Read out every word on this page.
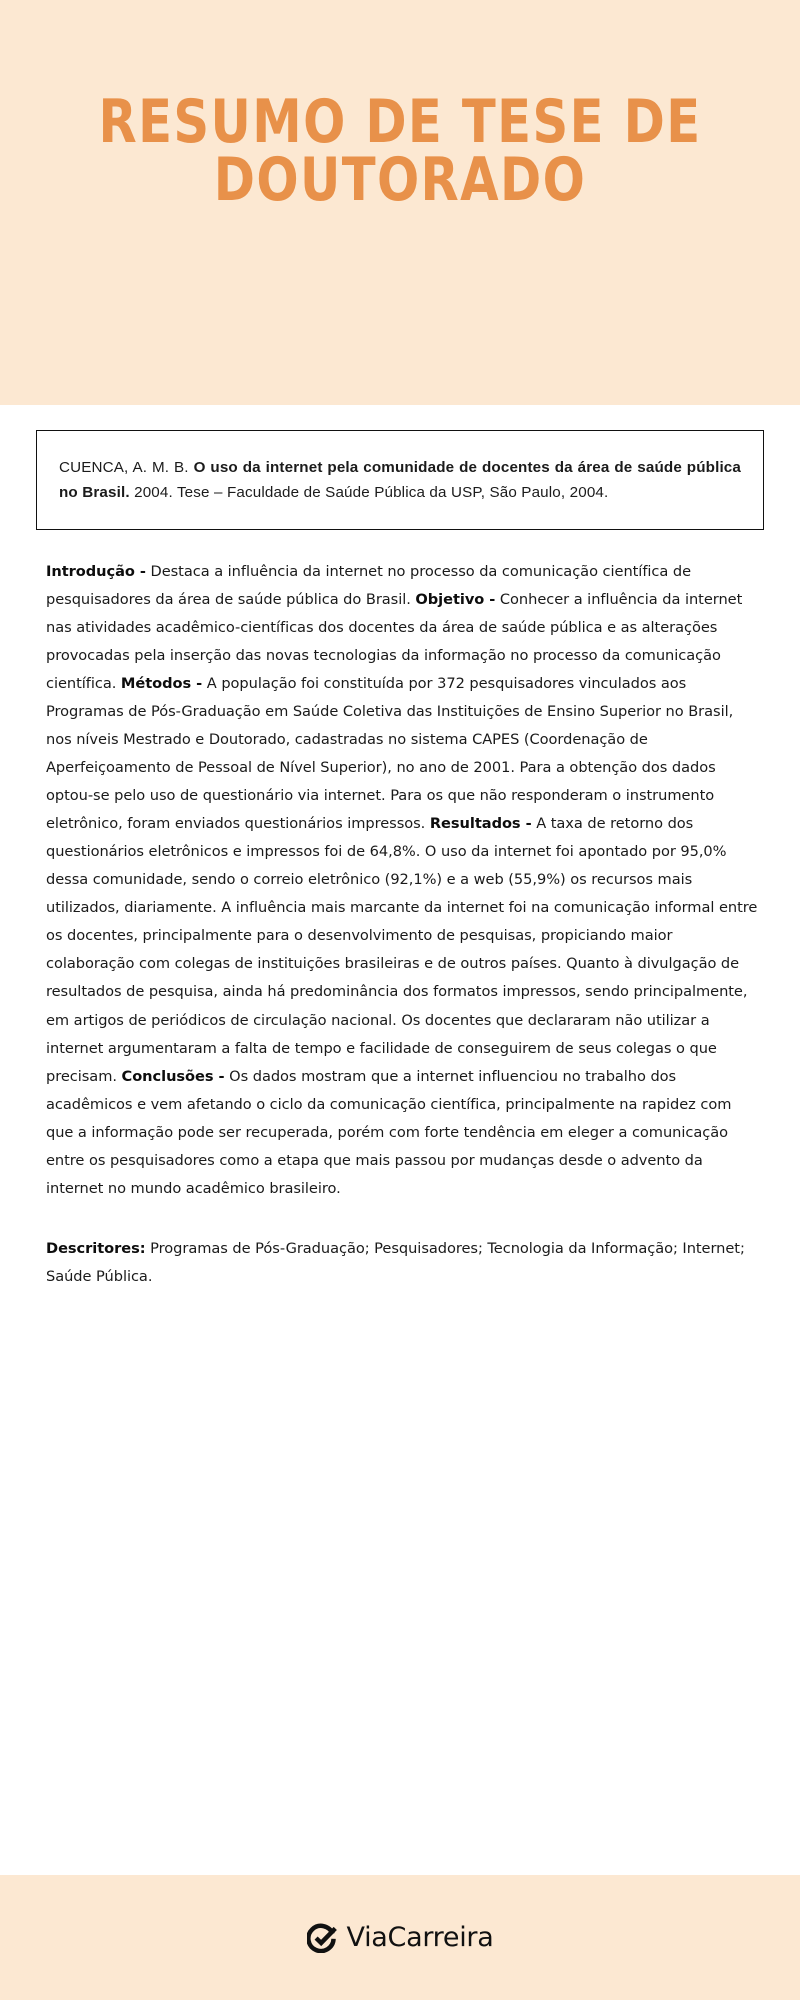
RESUMO DE TESE DE DOUTORADO

CUENCA, A. M. B. O uso da internet pela comunidade de docentes da área de saúde pública no Brasil. 2004. Tese – Faculdade de Saúde Pública da USP, São Paulo, 2004.

Introdução - Destaca a influência da internet no processo da comunicação científica de pesquisadores da área de saúde pública do Brasil. Objetivo - Conhecer a influência da internet nas atividades acadêmico-científicas dos docentes da área de saúde pública e as alterações provocadas pela inserção das novas tecnologias da informação no processo da comunicação científica. Métodos - A população foi constituída por 372 pesquisadores vinculados aos Programas de Pós-Graduação em Saúde Coletiva das Instituições de Ensino Superior no Brasil, nos níveis Mestrado e Doutorado, cadastradas no sistema CAPES (Coordenação de Aperfeiçoamento de Pessoal de Nível Superior), no ano de 2001. Para a obtenção dos dados optou-se pelo uso de questionário via internet. Para os que não responderam o instrumento eletrônico, foram enviados questionários impressos. Resultados - A taxa de retorno dos questionários eletrônicos e impressos foi de 64,8%. O uso da internet foi apontado por 95,0% dessa comunidade, sendo o correio eletrônico (92,1%) e a web (55,9%) os recursos mais utilizados, diariamente. A influência mais marcante da internet foi na comunicação informal entre os docentes, principalmente para o desenvolvimento de pesquisas, propiciando maior colaboração com colegas de instituições brasileiras e de outros países. Quanto à divulgação de resultados de pesquisa, ainda há predominância dos formatos impressos, sendo principalmente, em artigos de periódicos de circulação nacional. Os docentes que declararam não utilizar a internet argumentaram a falta de tempo e facilidade de conseguirem de seus colegas o que precisam. Conclusões - Os dados mostram que a internet influenciou no trabalho dos acadêmicos e vem afetando o ciclo da comunicação científica, principalmente na rapidez com que a informação pode ser recuperada, porém com forte tendência em eleger a comunicação entre os pesquisadores como a etapa que mais passou por mudanças desde o advento da internet no mundo acadêmico brasileiro.

Descritores: Programas de Pós-Graduação; Pesquisadores; Tecnologia da Informação; Internet; Saúde Pública.

ViaCarreira
